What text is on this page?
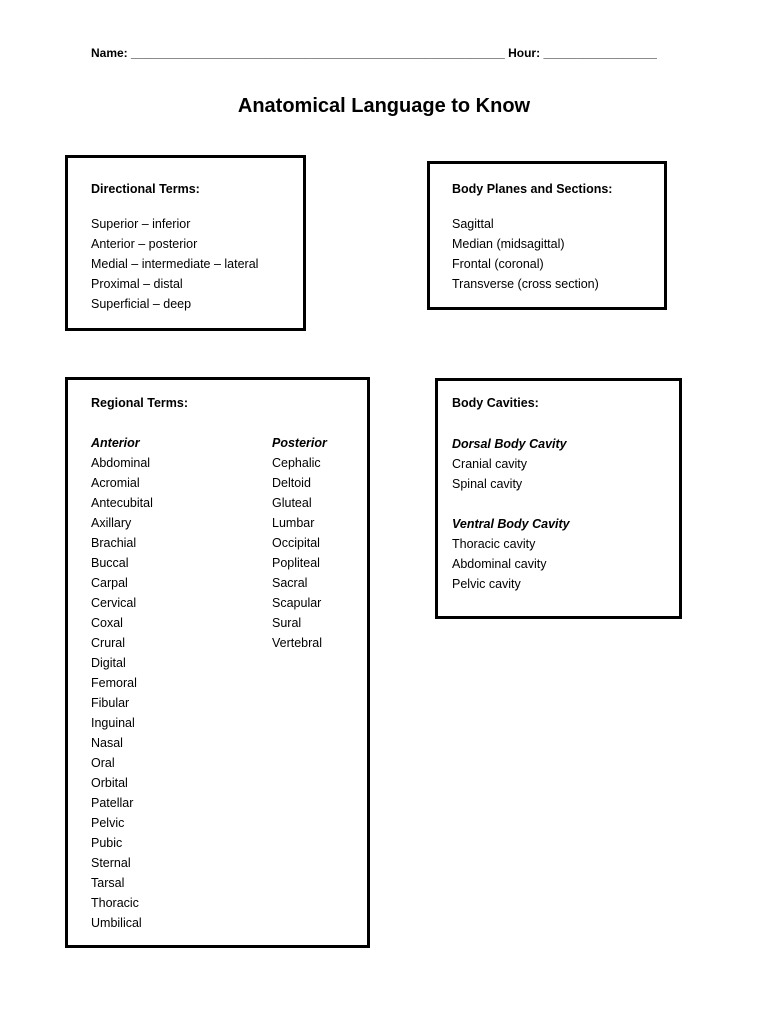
Name: ________________________________________________________ Hour: _________________
Anatomical Language to Know
Directional Terms:
Superior – inferior
Anterior – posterior
Medial – intermediate – lateral
Proximal – distal
Superficial – deep
Body Planes and Sections:
Sagittal
Median (midsagittal)
Frontal (coronal)
Transverse (cross section)
Regional Terms:
Anterior
Abdominal
Acromial
Antecubital
Axillary
Brachial
Buccal
Carpal
Cervical
Coxal
Crural
Digital
Femoral
Fibular
Inguinal
Nasal
Oral
Orbital
Patellar
Pelvic
Pubic
Sternal
Tarsal
Thoracic
Umbilical
Posterior
Cephalic
Deltoid
Gluteal
Lumbar
Occipital
Popliteal
Sacral
Scapular
Sural
Vertebral
Body Cavities:
Dorsal Body Cavity
Cranial cavity
Spinal cavity
Ventral Body Cavity
Thoracic cavity
Abdominal cavity
Pelvic cavity
